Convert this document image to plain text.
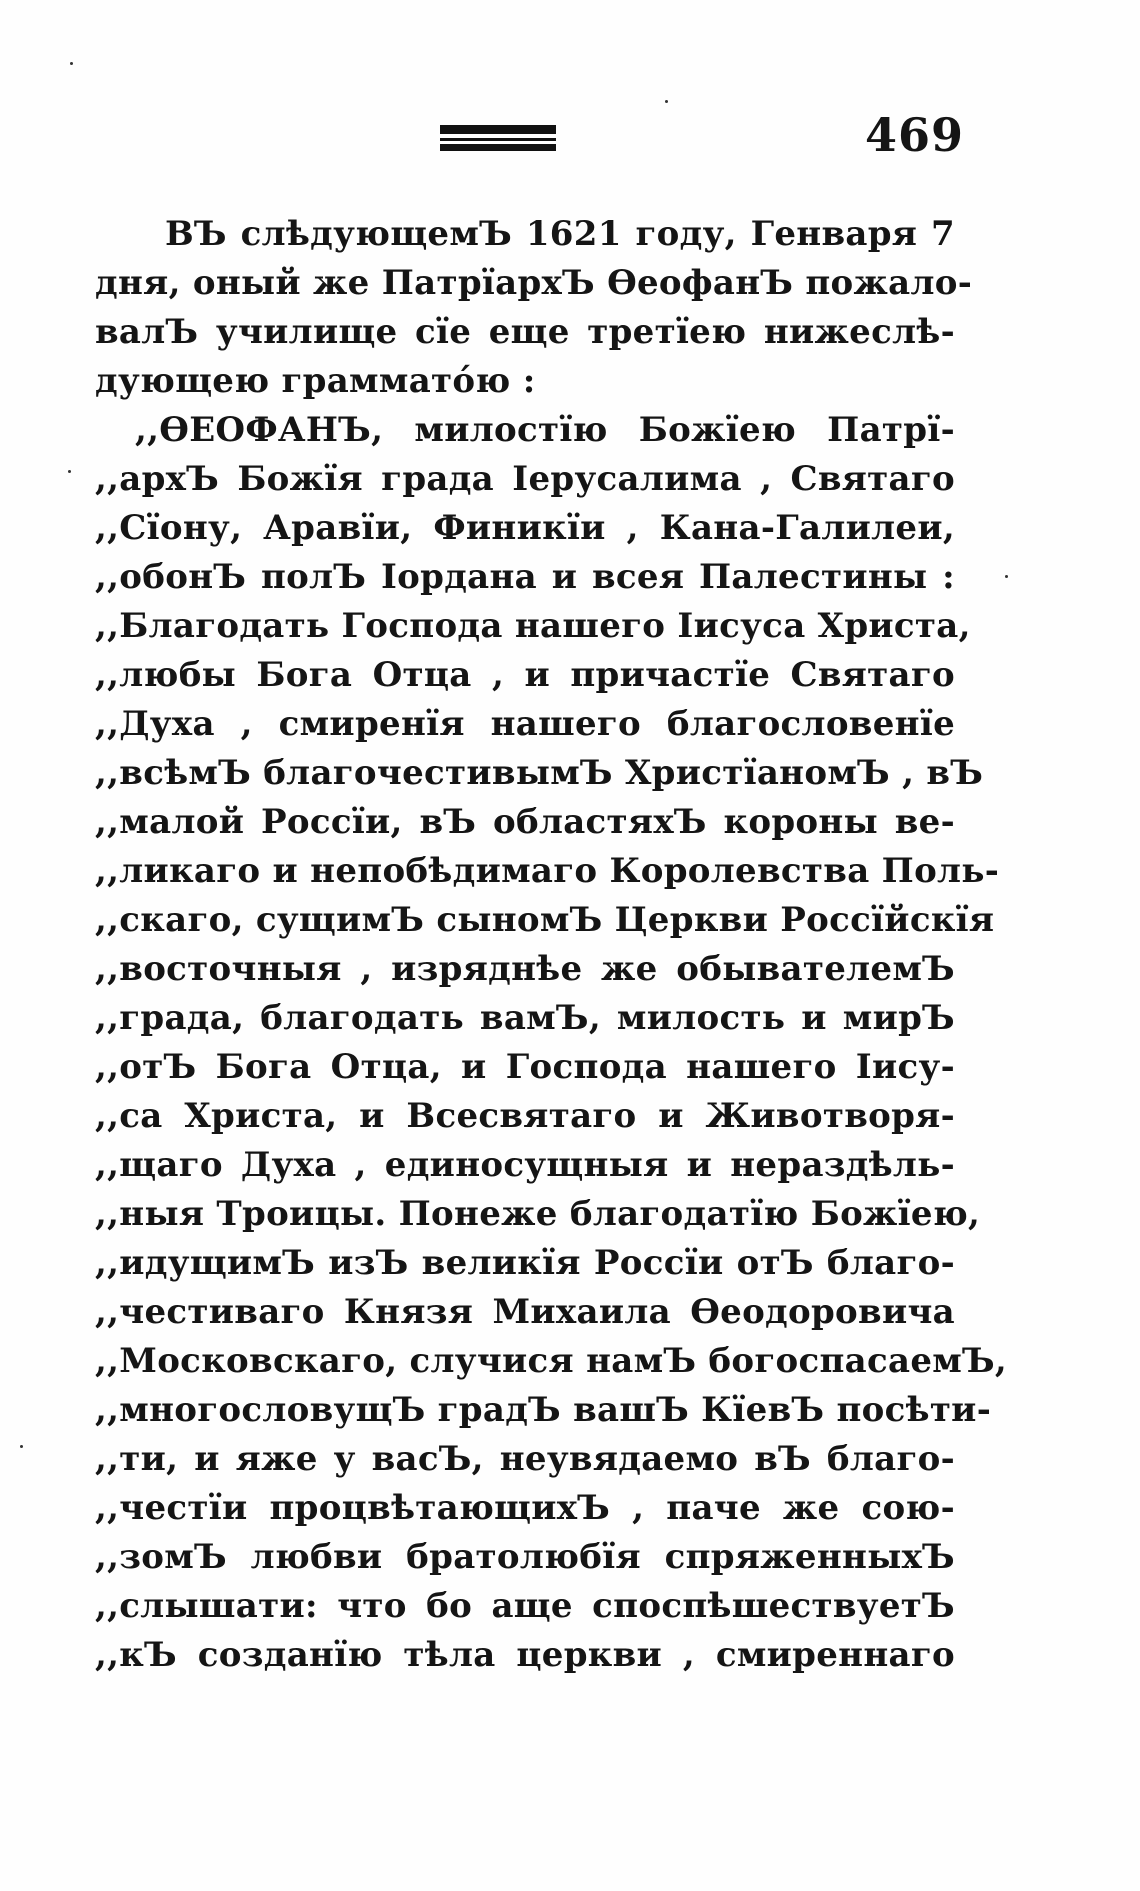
469
ВЪ слѣдующемЪ 1621 году, Генваря 7
дня, оный же ПатрїархЪ ѲеофанЪ пожало-
валЪ училище сїе еще третїею нижеслѣ-
дующею граммато́ю :
,,ѲЕОФАНЪ, милостїю Божїею Патрї-
,,архЪ Божїя града Iерусалима , Святаго
,,Сїону, Аравїи, Финикїи , Кана-Галилеи,
,,обонЪ полЪ Iордана и всея Палестины :
,,Благодать Господа нашего Iисуса Христа,
,,любы Бога Отца , и причастїе Святаго
,,Духа , смиренїя нашего благословенїе
,,всѣмЪ благочестивымЪ ХристїаномЪ , вЪ
,,малой Россїи, вЪ областяхЪ короны ве-
,,ликаго и непобѣдимаго Королевства Поль-
,,скаго, сущимЪ сыномЪ Церкви Россїйскїя
,,восточныя , изряднѣе же обывателемЪ
,,града, благодать вамЪ, милость и мирЪ
,,отЪ Бога Отца, и Господа нашего Iису-
,,са Христа, и Всесвятаго и Животворя-
,,щаго Духа , единосущныя и нераздѣль-
,,ныя Троицы. Понеже благодатїю Божїею,
,,идущимЪ изЪ великїя Россїи отЪ благо-
,,честиваго Князя Михаила Ѳеодоровича
,,Московскаго, случися намЪ богоспасаемЪ,
,,многословущЪ градЪ вашЪ КїевЪ посѣти-
,,ти, и яже у васЪ, неувядаемо вЪ благо-
,,честїи процвѣтающихЪ , паче же сою-
,,зомЪ любви братолюбїя спряженныхЪ
,,слышати: что бо аще споспѣшествуетЪ
,,кЪ созданїю тѣла церкви , смиреннаго
